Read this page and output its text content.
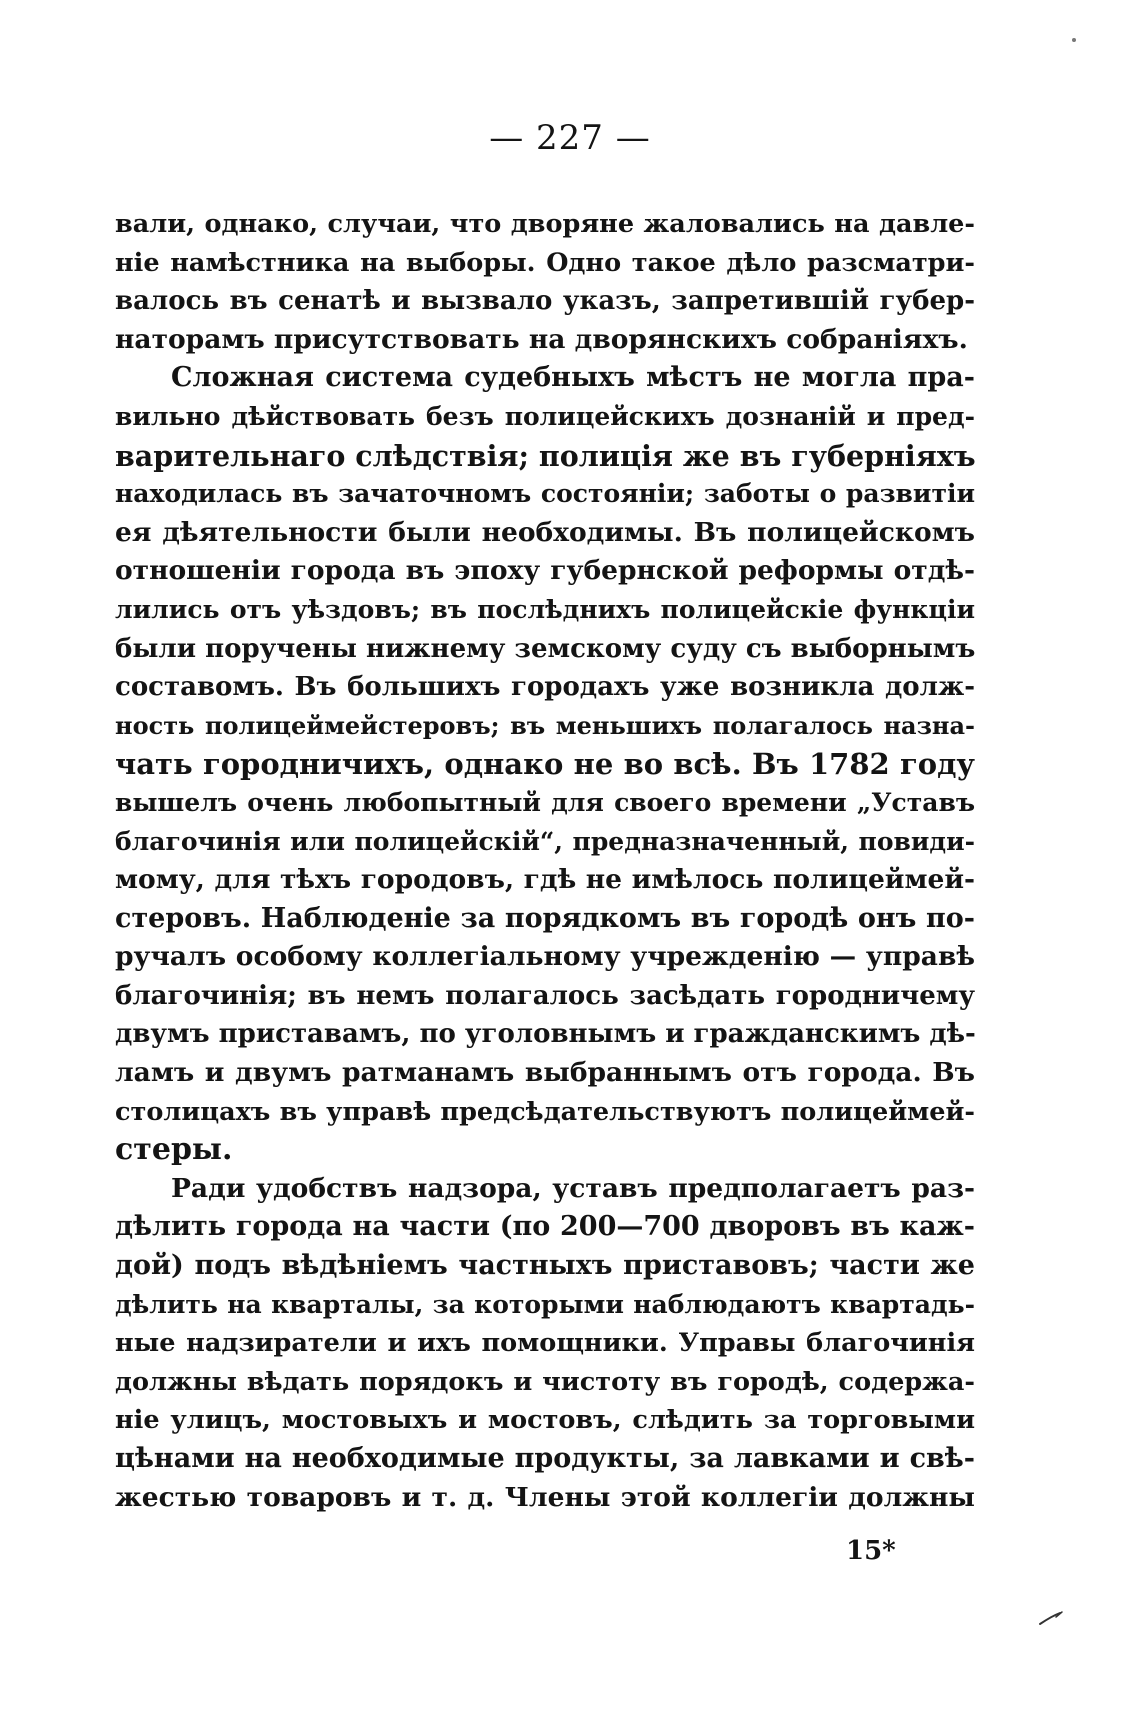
— 227 —
вали, однако, случаи, что дворяне жаловались на давле-
ніе намѣстника на выборы. Одно такое дѣло разсматри-
валось въ сенатѣ и вызвало указъ, запретившій губер-
наторамъ присутствовать на дворянскихъ собраніяхъ.
Сложная система судебныхъ мѣстъ не могла пра-
вильно дѣйствовать безъ полицейскихъ дознаній и пред-
варительнаго слѣдствія; полиція же въ губерніяхъ
находилась въ зачаточномъ состояніи; заботы о развитіи
ея дѣятельности были необходимы. Въ полицейскомъ
отношеніи города въ эпоху губернской реформы отдѣ-
лились отъ уѣздовъ; въ послѣднихъ полицейскіе функціи
были поручены нижнему земскому суду съ выборнымъ
составомъ. Въ большихъ городахъ уже возникла долж-
ность полицеймейстеровъ; въ меньшихъ полагалось назна-
чать городничихъ, однако не во всѣ. Въ 1782 году
вышелъ очень любопытный для своего времени „Уставъ
благочинія или полицейскій“, предназначенный, повиди-
мому, для тѣхъ городовъ, гдѣ не имѣлось полицеймей-
стеровъ. Наблюденіе за порядкомъ въ городѣ онъ по-
ручалъ особому коллегіальному учрежденію — управѣ
благочинія; въ немъ полагалось засѣдать городничему
двумъ приставамъ, по уголовнымъ и гражданскимъ дѣ-
ламъ и двумъ ратманамъ выбраннымъ отъ города. Въ
столицахъ въ управѣ предсѣдательствуютъ полицеймей-
стеры.
Ради удобствъ надзора, уставъ предполагаетъ раз-
дѣлить города на части (по 200—700 дворовъ въ каж-
дой) подъ вѣдѣніемъ частныхъ приставовъ; части же
дѣлить на кварталы, за которыми наблюдаютъ квартадь-
ные надзиратели и ихъ помощники. Управы благочинія
должны вѣдать порядокъ и чистоту въ городѣ, содержа-
ніе улицъ, мостовыхъ и мостовъ, слѣдить за торговыми
цѣнами на необходимые продукты, за лавками и свѣ-
жестью товаровъ и т. д. Члены этой коллегіи должны
15*
